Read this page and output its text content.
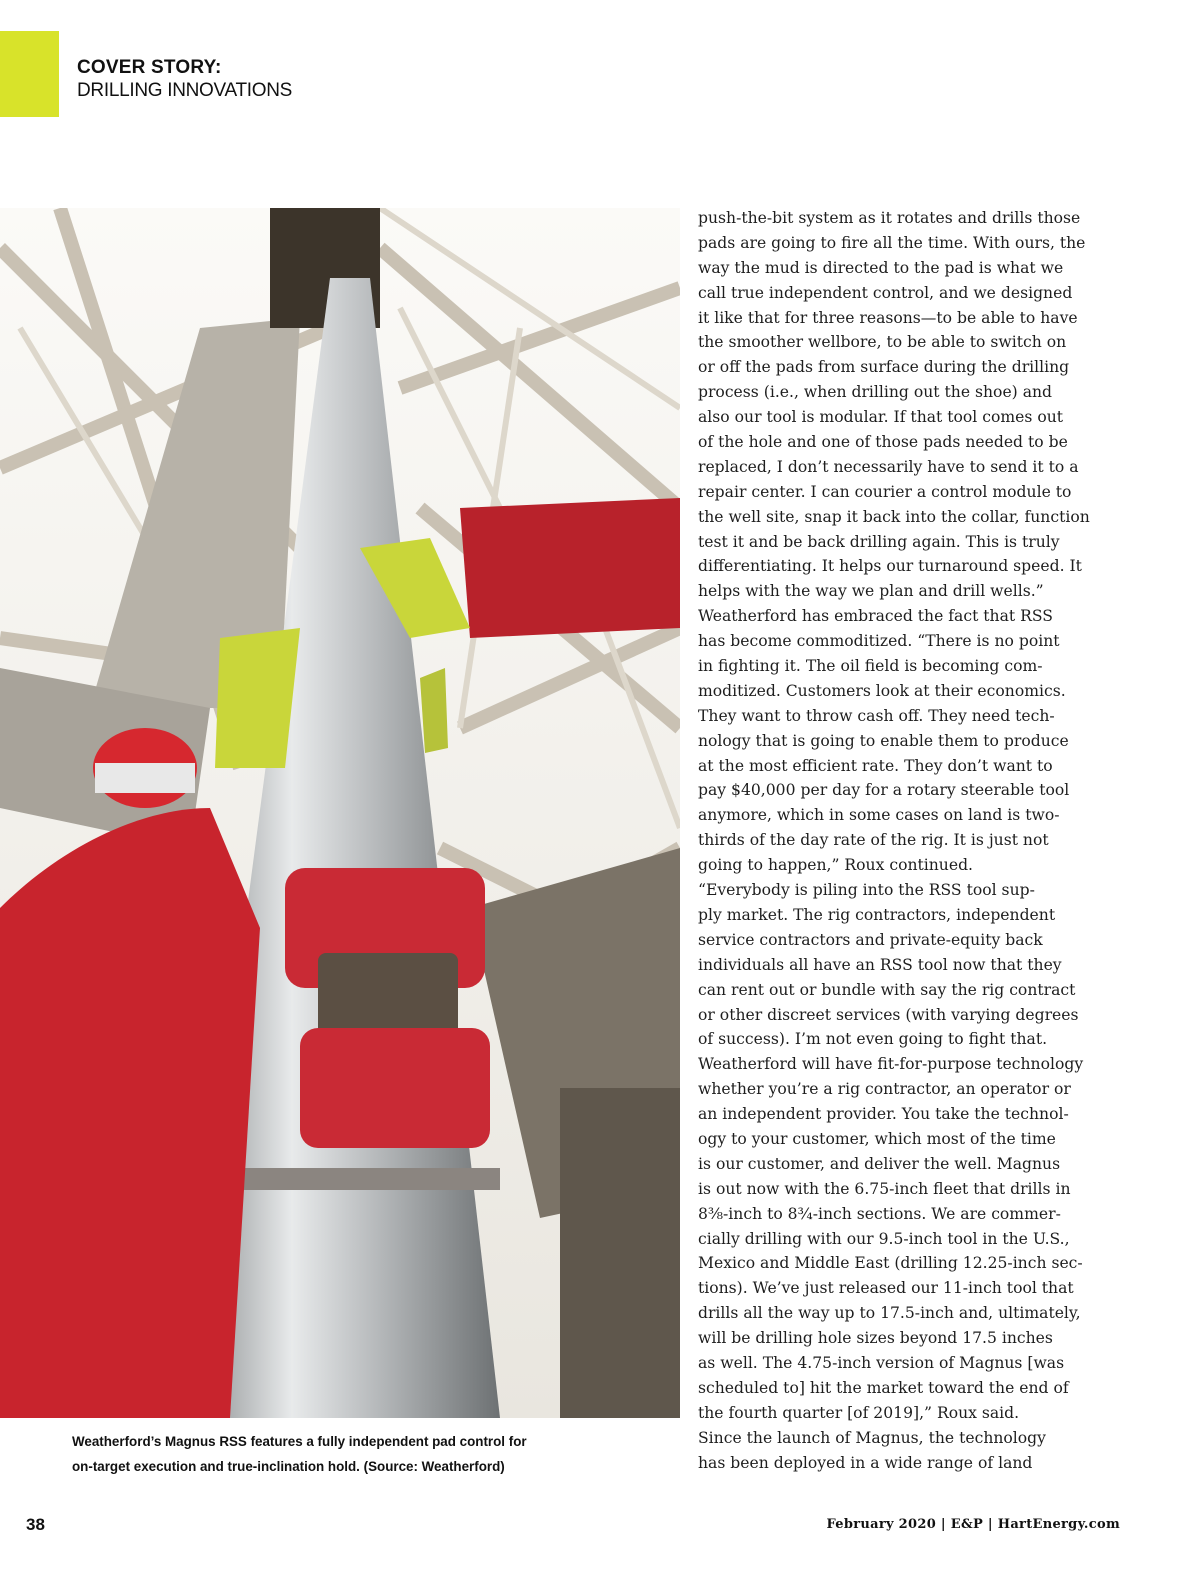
COVER STORY:
DRILLING INNOVATIONS
Weatherford’s Magnus RSS features a fully independent pad control for
on-target execution and true-inclination hold. (Source: Weatherford)
push-the-bit system as it rotates and drills those
pads are going to fire all the time. With ours, the
way the mud is directed to the pad is what we
call true independent control, and we designed
it like that for three reasons—to be able to have
the smoother wellbore, to be able to switch on
or off the pads from surface during the drilling
process (i.e., when drilling out the shoe) and
also our tool is modular. If that tool comes out
of the hole and one of those pads needed to be
replaced, I don’t necessarily have to send it to a
repair center. I can courier a control module to
the well site, snap it back into the collar, function
test it and be back drilling again. This is truly
differentiating. It helps our turnaround speed. It
helps with the way we plan and drill wells.”
Weatherford has embraced the fact that RSS
has become commoditized. “There is no point
in fighting it. The oil field is becoming com-
moditized. Customers look at their economics.
They want to throw cash off. They need tech-
nology that is going to enable them to produce
at the most efficient rate. They don’t want to
pay $40,000 per day for a rotary steerable tool
anymore, which in some cases on land is two-
thirds of the day rate of the rig. It is just not
going to happen,” Roux continued.
“Everybody is piling into the RSS tool sup-
ply market. The rig contractors, independent
service contractors and private-equity back
individuals all have an RSS tool now that they
can rent out or bundle with say the rig contract
or other discreet services (with varying degrees
of success). I’m not even going to fight that.
Weatherford will have fit-for-purpose technology
whether you’re a rig contractor, an operator or
an independent provider. You take the technol-
ogy to your customer, which most of the time
is our customer, and deliver the well. Magnus
is out now with the 6.75-inch fleet that drills in
8⅜-inch to 8¾-inch sections. We are commer-
cially drilling with our 9.5-inch tool in the U.S.,
Mexico and Middle East (drilling 12.25-inch sec-
tions). We’ve just released our 11-inch tool that
drills all the way up to 17.5-inch and, ultimately,
will be drilling hole sizes beyond 17.5 inches
as well. The 4.75-inch version of Magnus [was
scheduled to] hit the market toward the end of
the fourth quarter [of 2019],” Roux said.
Since the launch of Magnus, the technology
has been deployed in a wide range of land
38	February 2020 | E&P | HartEnergy.com
